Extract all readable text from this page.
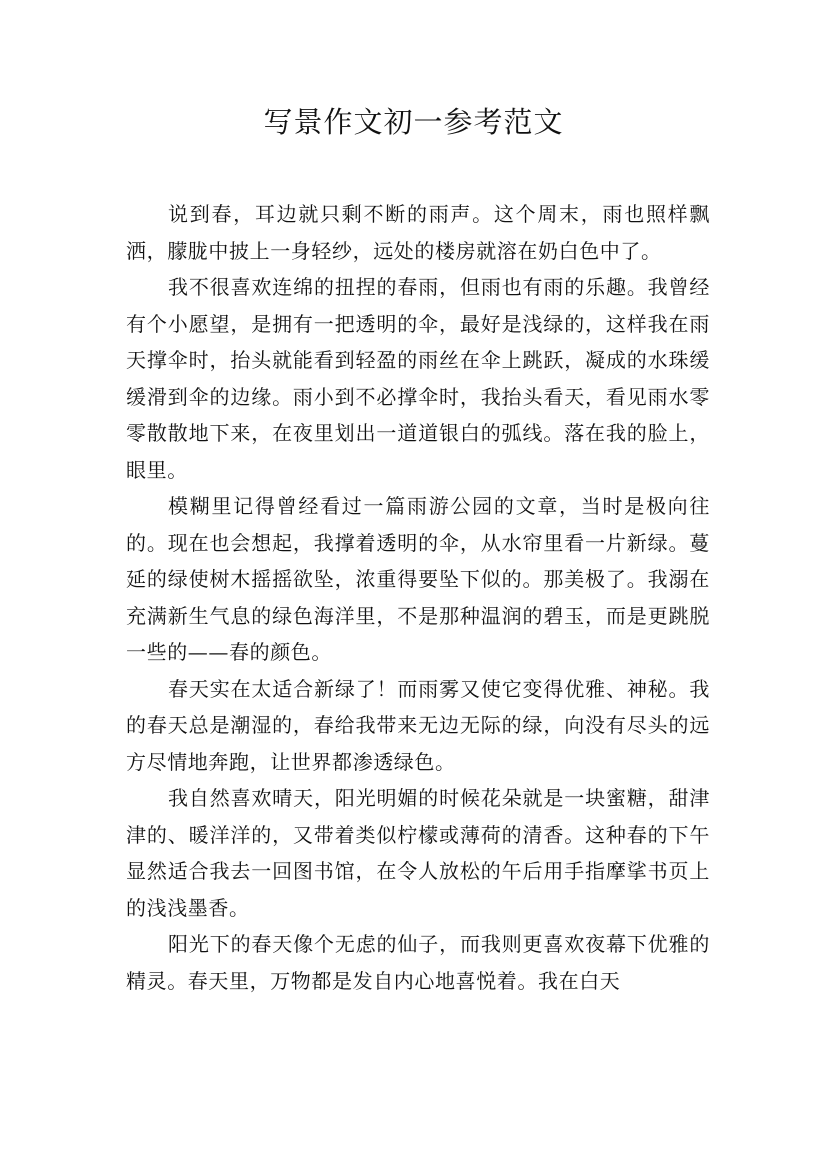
写景作文初一参考范文

说到春，耳边就只剩不断的雨声。这个周末，雨也照样飘洒，朦胧中披上一身轻纱，远处的楼房就溶在奶白色中了。

我不很喜欢连绵的扭捏的春雨，但雨也有雨的乐趣。我曾经有个小愿望，是拥有一把透明的伞，最好是浅绿的，这样我在雨天撑伞时，抬头就能看到轻盈的雨丝在伞上跳跃，凝成的水珠缓缓滑到伞的边缘。雨小到不必撑伞时，我抬头看天，看见雨水零零散散地下来，在夜里划出一道道银白的弧线。落在我的脸上，眼里。

模糊里记得曾经看过一篇雨游公园的文章，当时是极向往的。现在也会想起，我撑着透明的伞，从水帘里看一片新绿。蔓延的绿使树木摇摇欲坠，浓重得要坠下似的。那美极了。我溺在充满新生气息的绿色海洋里，不是那种温润的碧玉，而是更跳脱一些的——春的颜色。

春天实在太适合新绿了！而雨雾又使它变得优雅、神秘。我的春天总是潮湿的，春给我带来无边无际的绿，向没有尽头的远方尽情地奔跑，让世界都渗透绿色。

我自然喜欢晴天，阳光明媚的时候花朵就是一块蜜糖，甜津津的、暖洋洋的，又带着类似柠檬或薄荷的清香。这种春的下午显然适合我去一回图书馆，在令人放松的午后用手指摩挲书页上的浅浅墨香。

阳光下的春天像个无虑的仙子，而我则更喜欢夜幕下优雅的精灵。春天里，万物都是发自内心地喜悦着。我在白天
